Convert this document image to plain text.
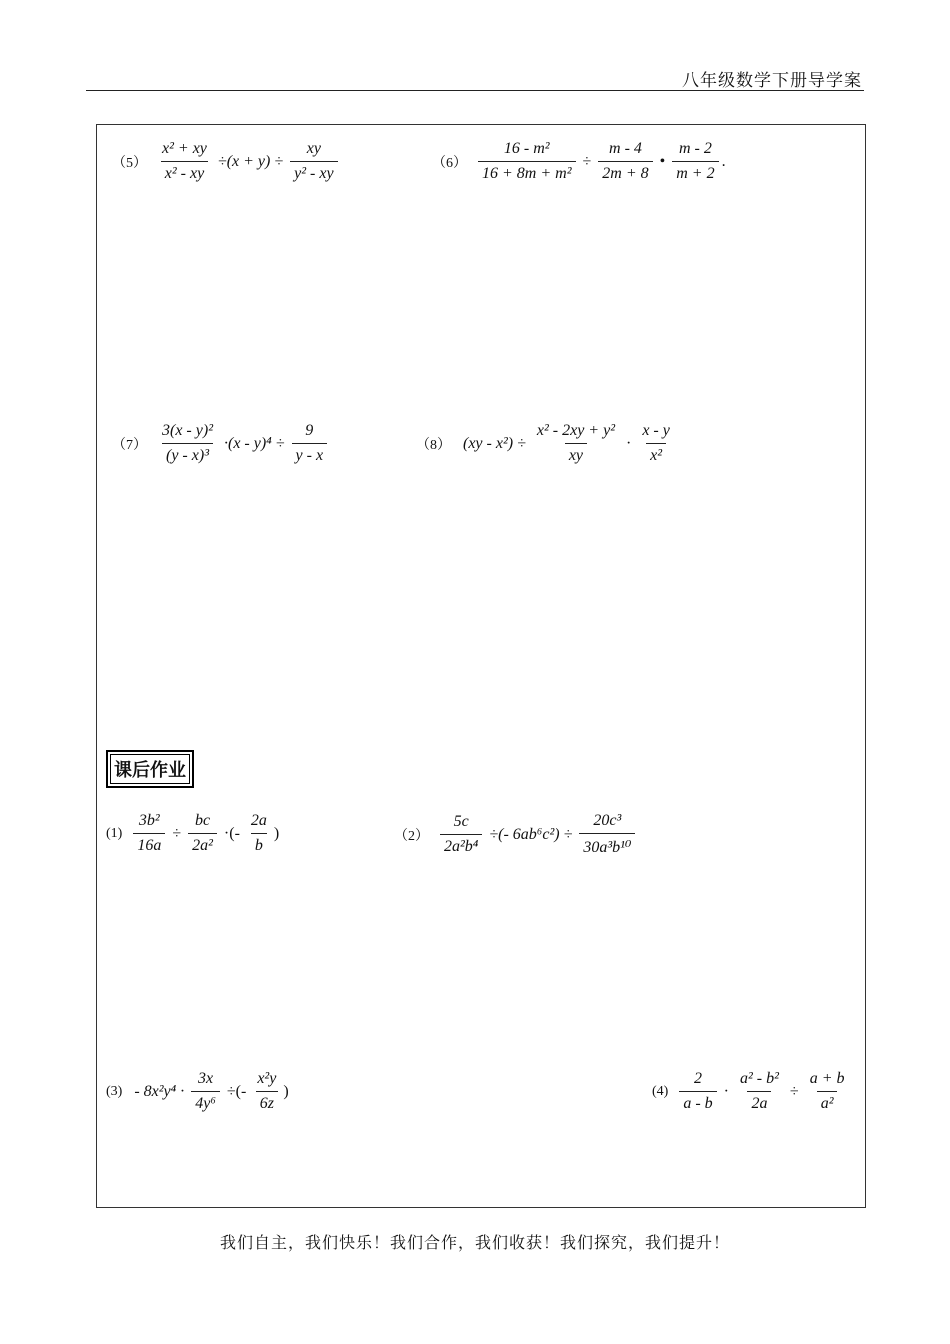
八年级数学下册导学案
$(5) \frac{\text{x² + xy}}{\text{x² - xy}} \div(x + y) \div \frac{xy}{\text{y² - xy}}$	$(6) \frac{\text{16 - m²}}{\text{16 + 8m + m²}} \div \frac{m - 4}{2m + 8}$ • $\frac{m - 2}{m + 2}$ .
$(7) \frac{\text{3(x - y)²}}{\text{(y - x)³}} \cdot(x - y)^4 \div \frac{9}{y - x}$	（8） $(xy - x^2) \div \frac{\text{x² - 2xy + y²}}{xy} \cdot \frac{x - y}{\text{x²}}$
课后作业
$(1) \frac{\text{3b²}}{16a} \div \frac{bc}{\text{2a²}}$ ·(- $\frac{2a}{b}$ )	$(2) \frac{5c}{\text{2a²b⁴}}$ ÷(- $6ab^6c^2) \div \frac{\text{20c³}}{\text{30a³b¹⁰}}$
$(3) - 8x^2y^4 \cdot \frac{3x}{\text{4y⁶}}$ ÷(- $\frac{\text{x²y}}{6z}$ )	$(4) \frac{2}{a - b} \cdot \frac{\text{a² - b²}}{2a} \div \frac{a + b}{\text{a²}}$
我们自主，我们快乐！我们合作，我们收获！我们探究，我们提升！
